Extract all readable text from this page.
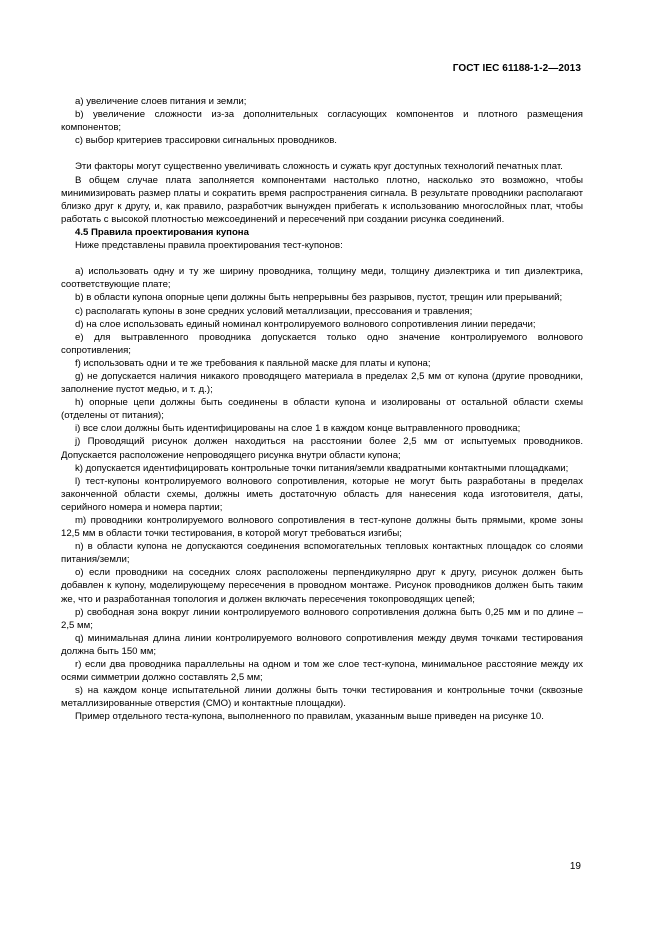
ГОСТ IEC 61188-1-2—2013

a) увеличение слоев питания и земли;

b) увеличение сложности из-за дополнительных согласующих компонентов и плотного размещения компонентов;

c) выбор критериев трассировки сигнальных проводников.

Эти факторы могут существенно увеличивать сложность и сужать круг доступных технологий печатных плат.

В общем случае плата заполняется компонентами настолько плотно, насколько это возможно, чтобы минимизировать размер платы и сократить время распространения сигнала. В результате проводники располагают близко друг к другу, и, как правило, разработчик вынужден прибегать к использованию многослойных плат, чтобы работать с высокой плотностью межсоединений и пересечений при создании рисунка соединений.

4.5 Правила проектирования купона

Ниже представлены правила проектирования тест-купонов:

a) использовать одну и ту же ширину проводника, толщину меди, толщину диэлектрика и тип диэлектрика, соответствующие плате;

b) в области купона опорные цепи должны быть непрерывны без разрывов, пустот, трещин или прерываний;

c) располагать купоны в зоне средних условий металлизации, прессования и травления;

d) на слое использовать единый номинал контролируемого волнового сопротивления линии передачи;

e) для вытравленного проводника допускается только одно значение контролируемого волнового сопротивления;

f) использовать одни и те же требования к паяльной маске для платы и купона;

g) не допускается наличия никакого проводящего материала в пределах 2,5 мм от купона (другие проводники, заполнение пустот медью, и т. д.);

h) опорные цепи должны быть соединены в области купона и изолированы от остальной области схемы (отделены от питания);

i) все слои должны быть идентифицированы на слое 1 в каждом конце вытравленного проводника;

j) Проводящий рисунок должен находиться на расстоянии более 2,5 мм от испытуемых проводников. Допускается расположение непроводящего рисунка внутри области купона;

k) допускается идентифицировать контрольные точки питания/земли квадратными контактными площадками;

l) тест-купоны контролируемого волнового сопротивления, которые не могут быть разработаны в пределах законченной области схемы, должны иметь достаточную область для нанесения кода изготовителя, даты, серийного номера и номера партии;

m) проводники контролируемого волнового сопротивления в тест-купоне должны быть прямыми, кроме зоны 12,5 мм в области точки тестирования, в которой могут требоваться изгибы;

n) в области купона не допускаются соединения вспомогательных тепловых контактных площадок со слоями питания/земли;

o) если проводники на соседних слоях расположены перпендикулярно друг к другу, рисунок должен быть добавлен к купону, моделирующему пересечения в проводном монтаже. Рисунок проводников должен быть таким же, что и разработанная топология и должен включать пересечения токопроводящих цепей;

p) свободная зона вокруг линии контролируемого волнового сопротивления должна быть 0,25 мм и по длине – 2,5 мм;

q) минимальная длина линии контролируемого волнового сопротивления между двумя точками тестирования должна быть 150 мм;

r) если два проводника параллельны на одном и том же слое тест-купона, минимальное расстояние между их осями симметрии должно составлять 2,5 мм;

s) на каждом конце испытательной линии должны быть точки тестирования и контрольные точки (сквозные металлизированные отверстия (СМО) и контактные площадки).

Пример отдельного теста-купона, выполненного по правилам, указанным выше приведен на рисунке 10.

19
